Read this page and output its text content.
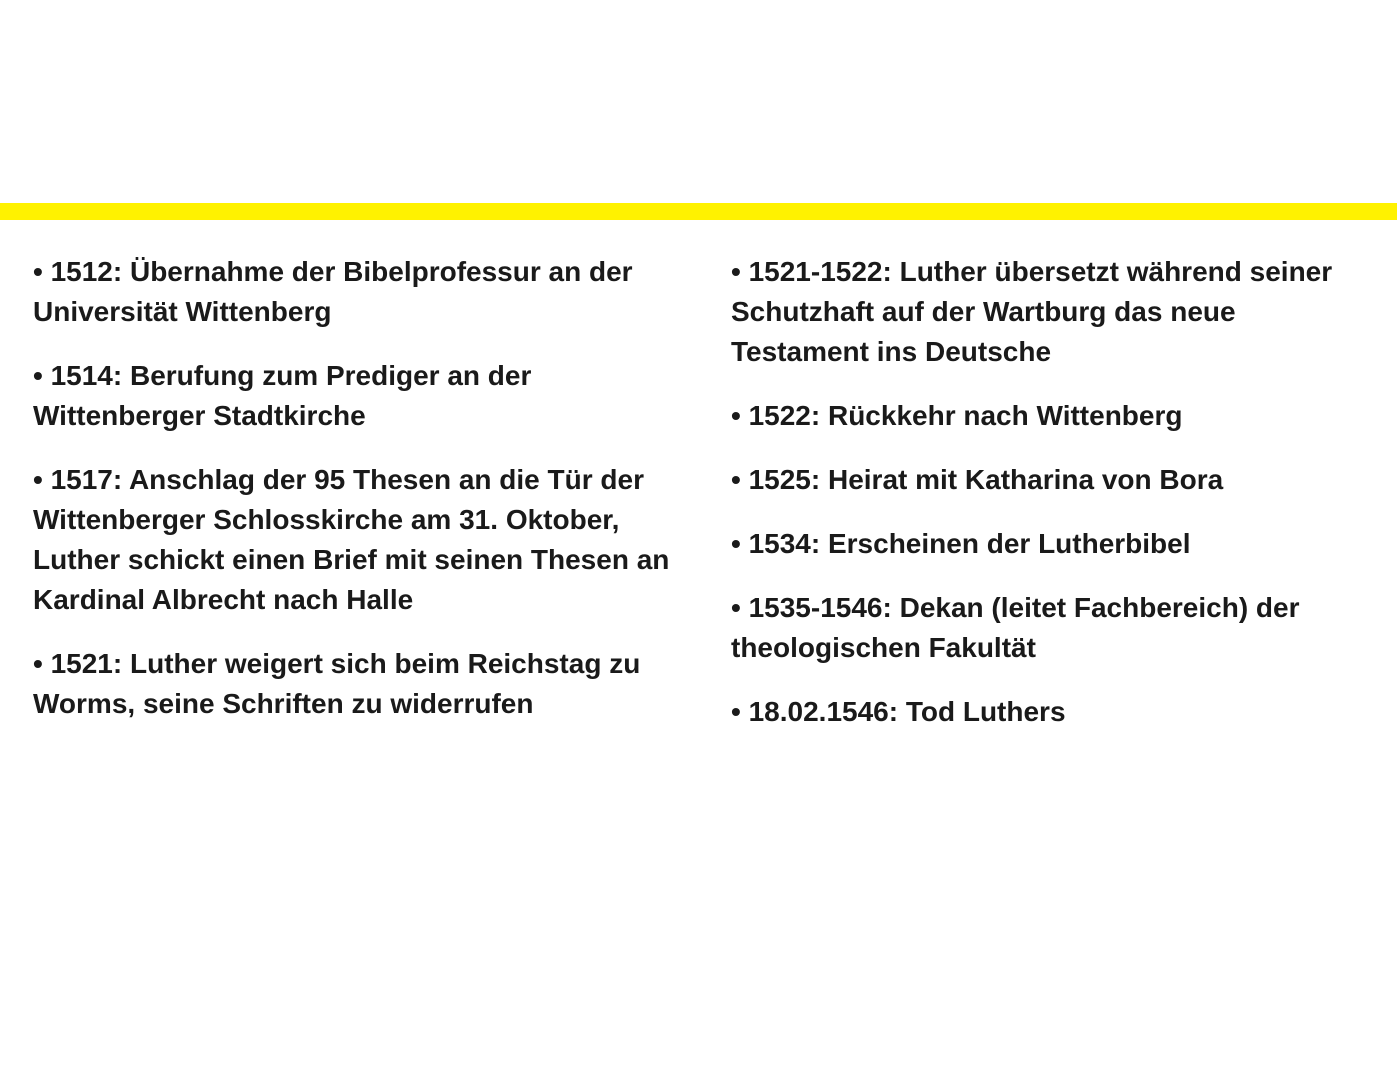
• 1512: Übernahme der Bibelprofessur an der Universität Wittenberg
• 1514: Berufung zum Prediger an der Wittenberger Stadtkirche
• 1517: Anschlag der 95 Thesen an die Tür der Wittenberger Schlosskirche am 31. Oktober, Luther schickt einen Brief mit seinen Thesen an Kardinal Albrecht nach Halle
• 1521: Luther weigert sich beim Reichstag zu Worms, seine Schriften zu widerrufen
• 1521-1522: Luther übersetzt während seiner Schutzhaft auf der Wartburg das neue Testament ins Deutsche
• 1522: Rückkehr nach Wittenberg
• 1525: Heirat mit Katharina von Bora
• 1534: Erscheinen der Lutherbibel
• 1535-1546: Dekan (leitet Fachbereich) der theologischen Fakultät
• 18.02.1546: Tod Luthers
